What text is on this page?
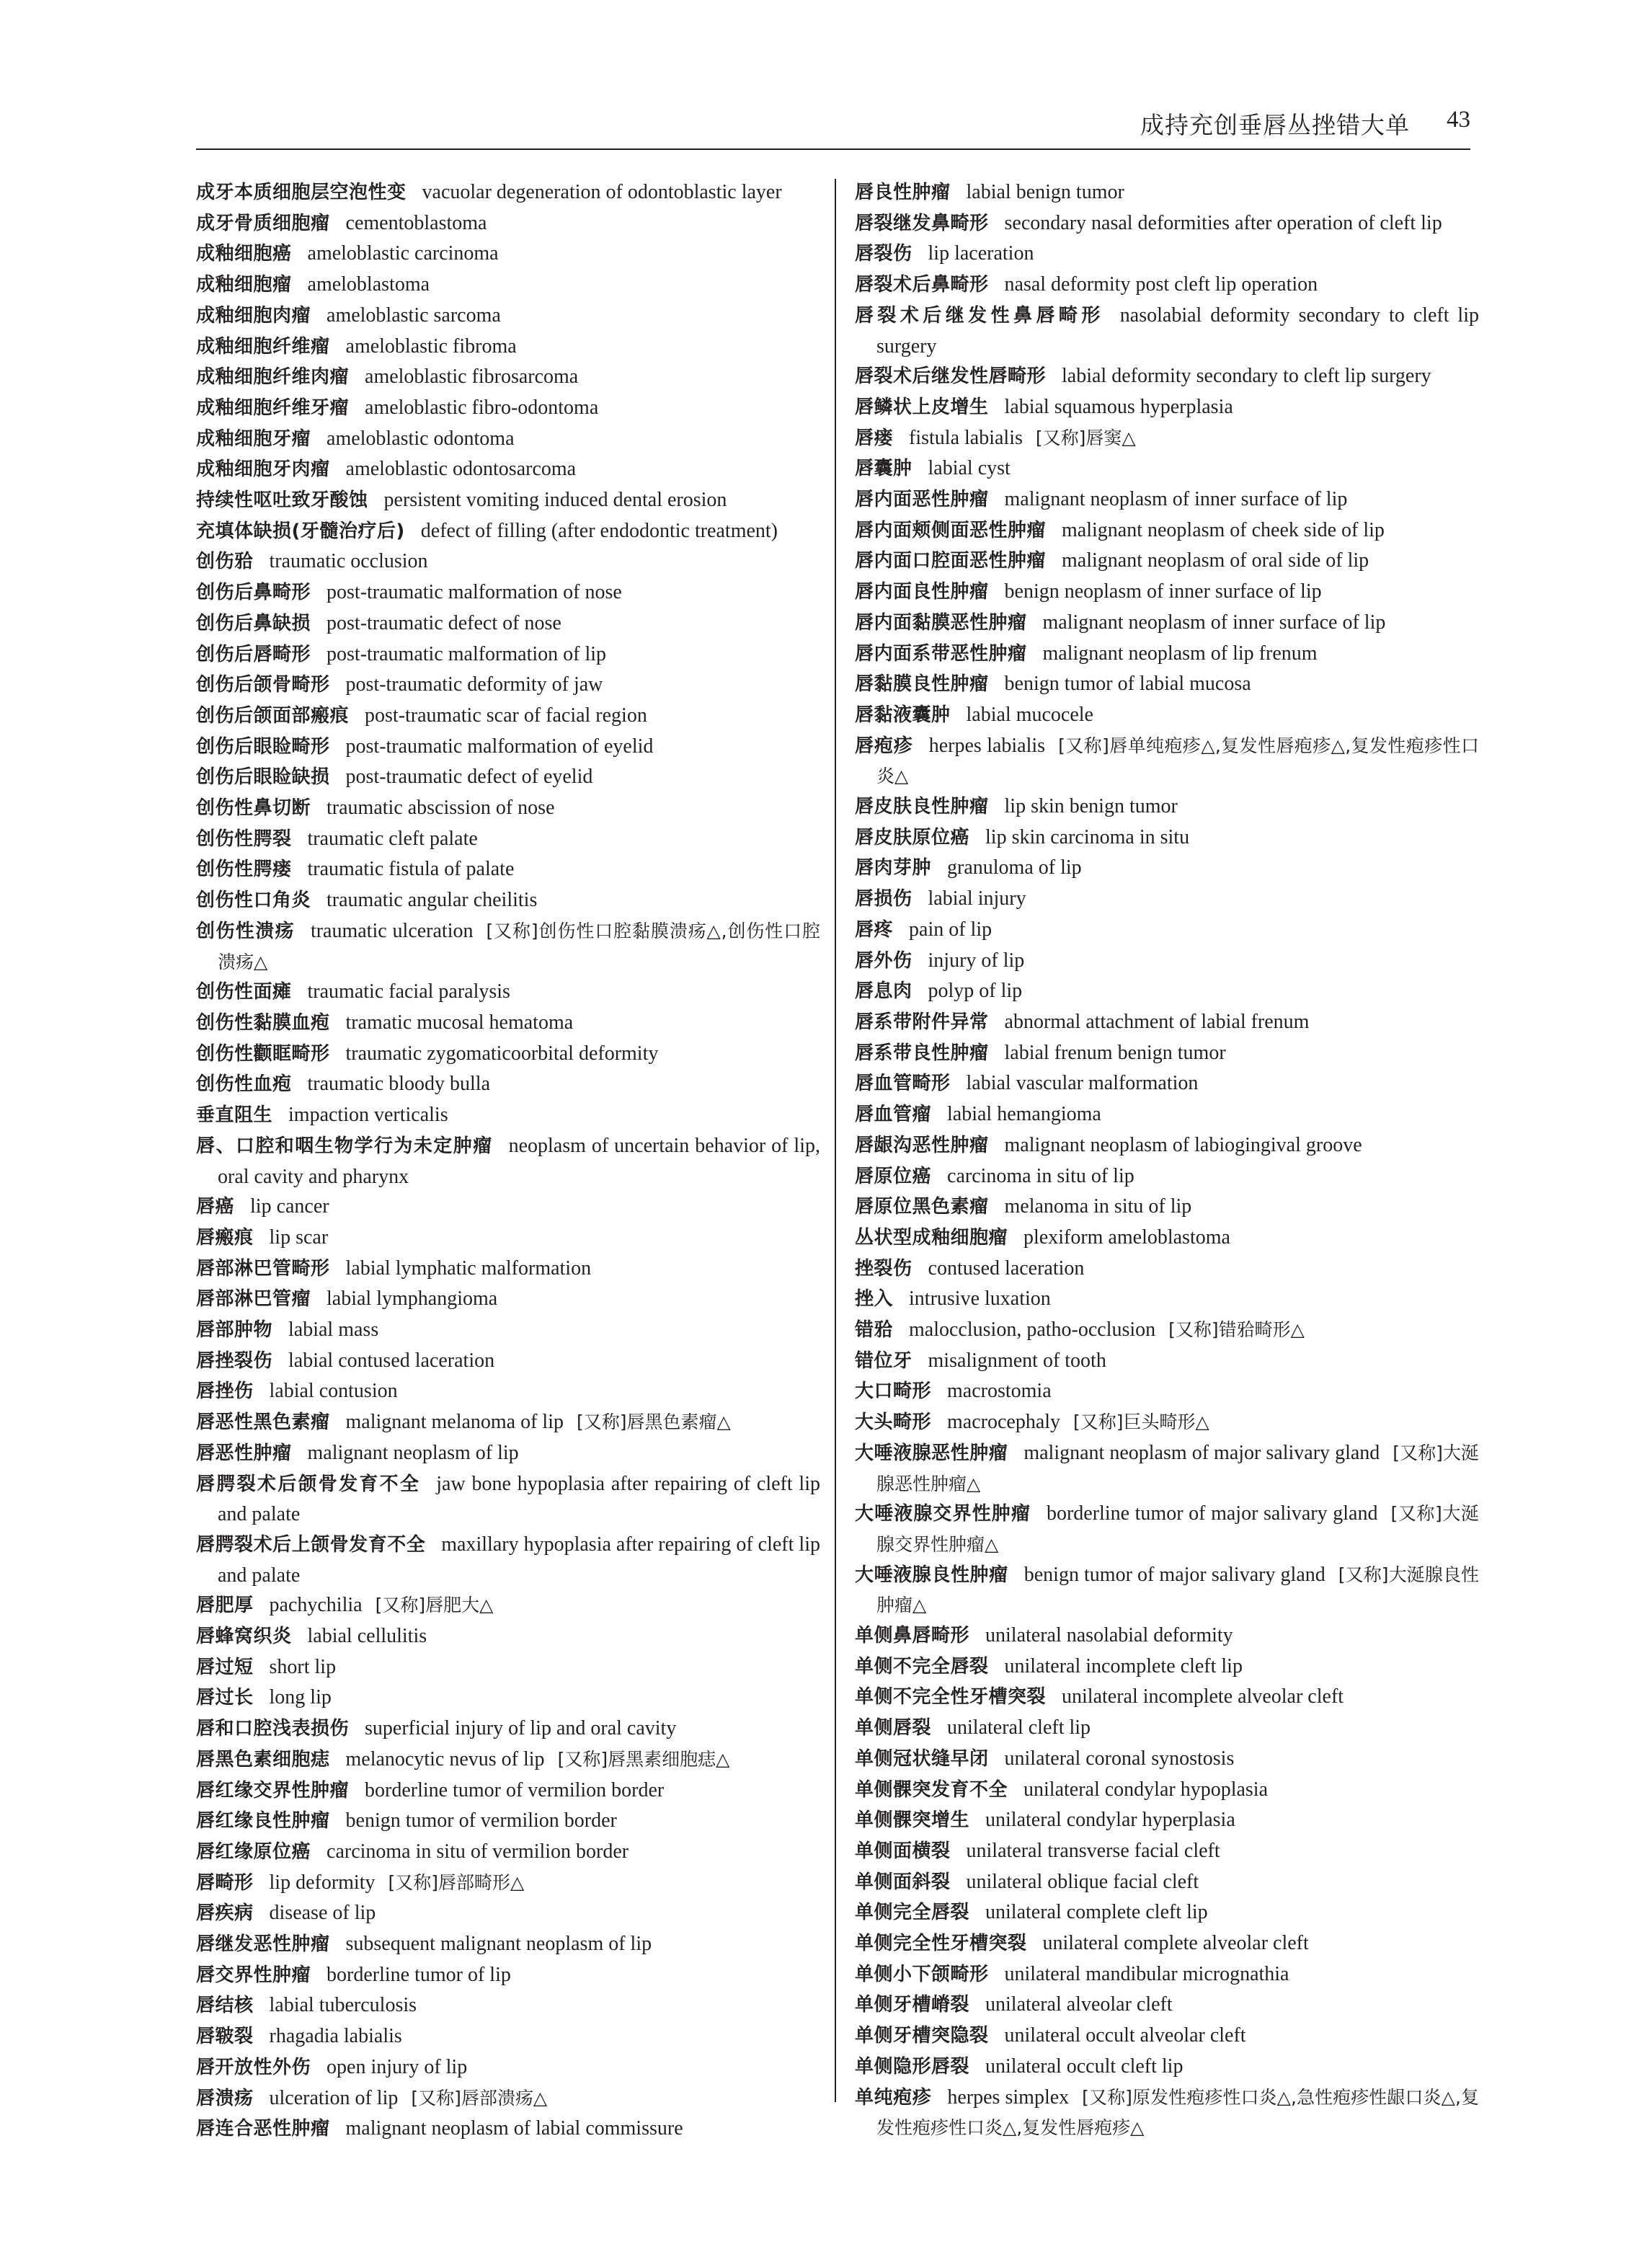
成持充创垂唇丛挫错大单 43

成牙本质细胞层空泡性变 vacuolar degeneration of odontoblastic layer

成牙骨质细胞瘤 cementoblastoma

成釉细胞癌 ameloblastic carcinoma

成釉细胞瘤 ameloblastoma

成釉细胞肉瘤 ameloblastic sarcoma

成釉细胞纤维瘤 ameloblastic fibroma

成釉细胞纤维肉瘤 ameloblastic fibrosarcoma

成釉细胞纤维牙瘤 ameloblastic fibro-odontoma

成釉细胞牙瘤 ameloblastic odontoma

成釉细胞牙肉瘤 ameloblastic odontosarcoma

持续性呕吐致牙酸蚀 persistent vomiting induced dental erosion

充填体缺损(牙髓治疗后) defect of filling (after endodontic treatment)

创伤𬌗 traumatic occlusion

创伤后鼻畸形 post-traumatic malformation of nose

创伤后鼻缺损 post-traumatic defect of nose

创伤后唇畸形 post-traumatic malformation of lip

创伤后颌骨畸形 post-traumatic deformity of jaw

创伤后颌面部瘢痕 post-traumatic scar of facial region

创伤后眼睑畸形 post-traumatic malformation of eyelid

创伤后眼睑缺损 post-traumatic defect of eyelid

创伤性鼻切断 traumatic abscission of nose

创伤性腭裂 traumatic cleft palate

创伤性腭瘘 traumatic fistula of palate

创伤性口角炎 traumatic angular cheilitis

创伤性溃疡 traumatic ulceration [又称]创伤性口腔黏膜溃疡△,创伤性口腔溃疡△

创伤性面瘫 traumatic facial paralysis

创伤性黏膜血疱 tramatic mucosal hematoma

创伤性颧眶畸形 traumatic zygomaticoorbital deformity

创伤性血疱 traumatic bloody bulla

垂直阻生 impaction verticalis

唇、口腔和咽生物学行为未定肿瘤 neoplasm of uncertain behavior of lip, oral cavity and pharynx

唇癌 lip cancer

唇瘢痕 lip scar

唇部淋巴管畸形 labial lymphatic malformation

唇部淋巴管瘤 labial lymphangioma

唇部肿物 labial mass

唇挫裂伤 labial contused laceration

唇挫伤 labial contusion

唇恶性黑色素瘤 malignant melanoma of lip [又称]唇黑色素瘤△

唇恶性肿瘤 malignant neoplasm of lip

唇腭裂术后颌骨发育不全 jaw bone hypoplasia after repairing of cleft lip and palate

唇腭裂术后上颌骨发育不全 maxillary hypoplasia after repairing of cleft lip and palate

唇肥厚 pachychilia [又称]唇肥大△

唇蜂窝织炎 labial cellulitis

唇过短 short lip

唇过长 long lip

唇和口腔浅表损伤 superficial injury of lip and oral cavity

唇黑色素细胞痣 melanocytic nevus of lip [又称]唇黑素细胞痣△

唇红缘交界性肿瘤 borderline tumor of vermilion border

唇红缘良性肿瘤 benign tumor of vermilion border

唇红缘原位癌 carcinoma in situ of vermilion border

唇畸形 lip deformity [又称]唇部畸形△

唇疾病 disease of lip

唇继发恶性肿瘤 subsequent malignant neoplasm of lip

唇交界性肿瘤 borderline tumor of lip

唇结核 labial tuberculosis

唇皲裂 rhagadia labialis

唇开放性外伤 open injury of lip

唇溃疡 ulceration of lip [又称]唇部溃疡△

唇连合恶性肿瘤 malignant neoplasm of labial commissure

唇良性肿瘤 labial benign tumor

唇裂继发鼻畸形 secondary nasal deformities after operation of cleft lip

唇裂伤 lip laceration

唇裂术后鼻畸形 nasal deformity post cleft lip operation

唇裂术后继发性鼻唇畸形 nasolabial deformity secondary to cleft lip surgery

唇裂术后继发性唇畸形 labial deformity secondary to cleft lip surgery

唇鳞状上皮增生 labial squamous hyperplasia

唇瘘 fistula labialis [又称]唇窦△

唇囊肿 labial cyst

唇内面恶性肿瘤 malignant neoplasm of inner surface of lip

唇内面颊侧面恶性肿瘤 malignant neoplasm of cheek side of lip

唇内面口腔面恶性肿瘤 malignant neoplasm of oral side of lip

唇内面良性肿瘤 benign neoplasm of inner surface of lip

唇内面黏膜恶性肿瘤 malignant neoplasm of inner surface of lip

唇内面系带恶性肿瘤 malignant neoplasm of lip frenum

唇黏膜良性肿瘤 benign tumor of labial mucosa

唇黏液囊肿 labial mucocele

唇疱疹 herpes labialis [又称]唇单纯疱疹△,复发性唇疱疹△,复发性疱疹性口炎△

唇皮肤良性肿瘤 lip skin benign tumor

唇皮肤原位癌 lip skin carcinoma in situ

唇肉芽肿 granuloma of lip

唇损伤 labial injury

唇疼 pain of lip

唇外伤 injury of lip

唇息肉 polyp of lip

唇系带附件异常 abnormal attachment of labial frenum

唇系带良性肿瘤 labial frenum benign tumor

唇血管畸形 labial vascular malformation

唇血管瘤 labial hemangioma

唇龈沟恶性肿瘤 malignant neoplasm of labiogingival groove

唇原位癌 carcinoma in situ of lip

唇原位黑色素瘤 melanoma in situ of lip

丛状型成釉细胞瘤 plexiform ameloblastoma

挫裂伤 contused laceration

挫入 intrusive luxation

错𬌗 malocclusion, patho-occlusion [又称]错𬌗畸形△

错位牙 misalignment of tooth

大口畸形 macrostomia

大头畸形 macrocephaly [又称]巨头畸形△

大唾液腺恶性肿瘤 malignant neoplasm of major salivary gland [又称]大涎腺恶性肿瘤△

大唾液腺交界性肿瘤 borderline tumor of major salivary gland [又称]大涎腺交界性肿瘤△

大唾液腺良性肿瘤 benign tumor of major salivary gland [又称]大涎腺良性肿瘤△

单侧鼻唇畸形 unilateral nasolabial deformity

单侧不完全唇裂 unilateral incomplete cleft lip

单侧不完全性牙槽突裂 unilateral incomplete alveolar cleft

单侧唇裂 unilateral cleft lip

单侧冠状缝早闭 unilateral coronal synostosis

单侧髁突发育不全 unilateral condylar hypoplasia

单侧髁突增生 unilateral condylar hyperplasia

单侧面横裂 unilateral transverse facial cleft

单侧面斜裂 unilateral oblique facial cleft

单侧完全唇裂 unilateral complete cleft lip

单侧完全性牙槽突裂 unilateral complete alveolar cleft

单侧小下颌畸形 unilateral mandibular micrognathia

单侧牙槽嵴裂 unilateral alveolar cleft

单侧牙槽突隐裂 unilateral occult alveolar cleft

单侧隐形唇裂 unilateral occult cleft lip

单纯疱疹 herpes simplex [又称]原发性疱疹性口炎△,急性疱疹性龈口炎△,复发性疱疹性口炎△,复发性唇疱疹△
